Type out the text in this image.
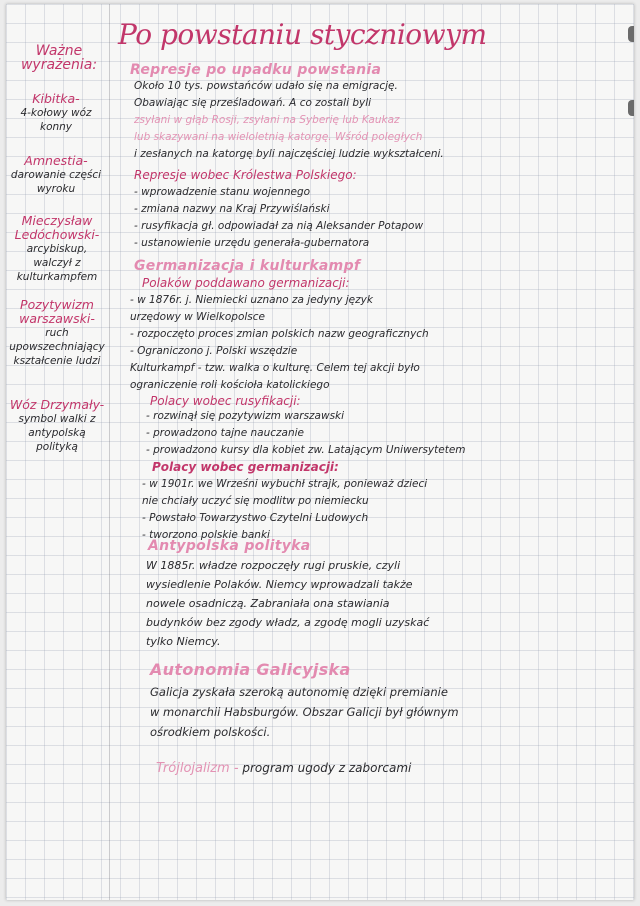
Po powstaniu styczniowym
Ważne wyrażenia:
Kibitka-
4-kołowy wóz konny
Amnestia-
darowanie części wyroku
Mieczysław Ledóchowski-
arcybiskup, walczył z kulturkampfem
Pozytywizm warszawski-
ruch upowszechniający kształcenie ludzi
Wóz Drzymały-
symbol walki z antypolską polityką
Represje po upadku powstania
Około 10 tys. powstańców udało się na emigrację.
Obawiając się prześladowań. A co zostali byli
zsyłani w głąb Rosji, zsyłani na Syberię lub Kaukaz
lub skazywani na wieloletnią katorgę. Wśród poległych
i zesłanych na katorgę byli najczęściej ludzie wykształceni.
Represje wobec Królestwa Polskiego:
- wprowadzenie stanu wojennego
- zmiana nazwy na Kraj Przywiślański
- rusyfikacja gł. odpowiadał za nią Aleksander Potapow
- ustanowienie urzędu generała-gubernatora
Germanizacja i kulturkampf
Polaków poddawano germanizacji:
- w 1876r. j. Niemiecki uznano za jedyny język
urzędowy w Wielkopolsce
- rozpoczęto proces zmian polskich nazw geograficznych
- Ograniczono j. Polski wszędzie
Kulturkampf - tzw. walka o kulturę. Celem tej akcji było
ograniczenie roli kościoła katolickiego
Polacy wobec rusyfikacji:
- rozwinął się pozytywizm warszawski
- prowadzono tajne nauczanie
- prowadzono kursy dla kobiet zw. Latającym Uniwersytetem
Polacy wobec germanizacji:
- w 1901r. we Wrześni wybuchł strajk, ponieważ dzieci
nie chciały uczyć się modlitw po niemiecku
- Powstało Towarzystwo Czytelni Ludowych
- tworzono polskie banki
Antypolska polityka
W 1885r. władze rozpoczęły rugi pruskie, czyli
wysiedlenie Polaków. Niemcy wprowadzali także
nowele osadniczą. Zabraniała ona stawiania
budynków bez zgody władz, a zgodę mogli uzyskać
tylko Niemcy.
Autonomia Galicyjska
Galicja zyskała szeroką autonomię dzięki premianie
w monarchii Habsburgów. Obszar Galicji był głównym
ośrodkiem polskości.
Trójlojalizm - program ugody z zaborcami
